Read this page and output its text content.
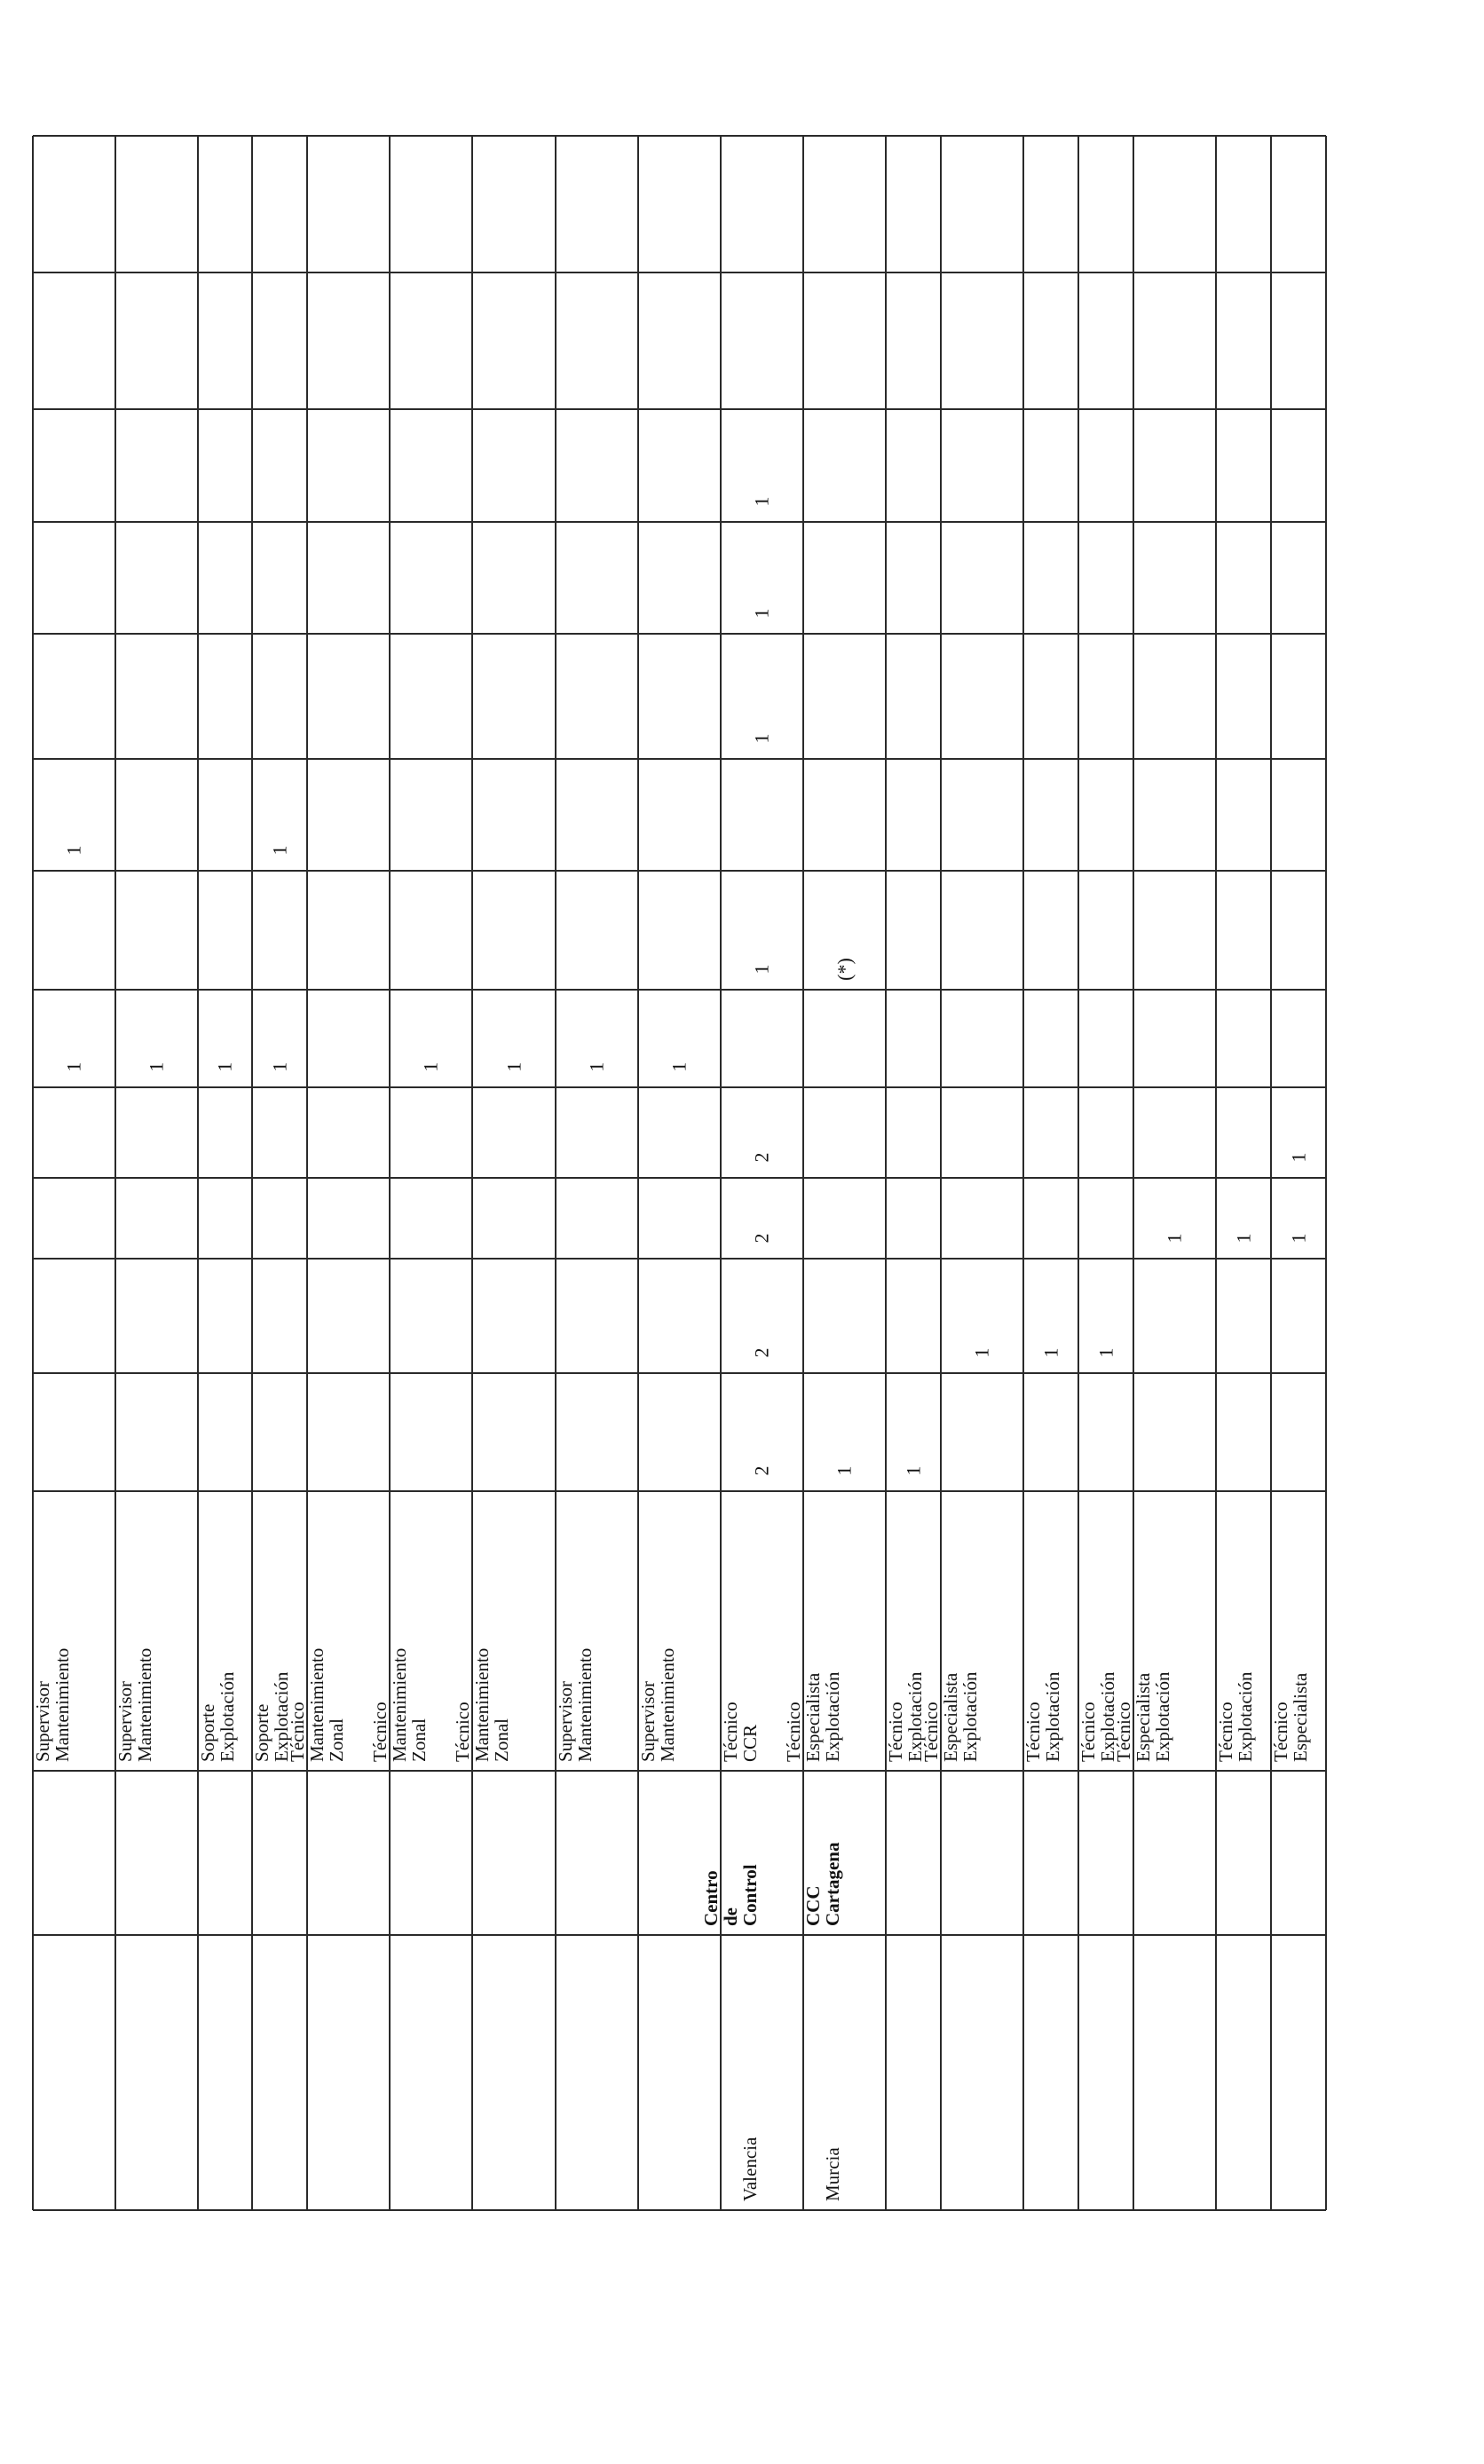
Supervisor
Mantenimiento
1
1
Supervisor
Mantenimiento
1
Soporte Explotación
1
Soporte Explotación
1
1
Técnico Mantenimiento
Zonal Técnico Mantenimiento
Zonal
1
Técnico Mantenimiento
Zonal
1
Supervisor
Mantenimiento
1
Supervisor
Mantenimiento
1
Valencia
Centro de
Control
Técnico CCR
2
2
2
2
1
1
1
1
Murcia
CCC
Cartagena
Técnico Especialista
Explotación
1
(*)
Técnico Explotación
1
Técnico Especialista
Explotación
1
Técnico Explotación
1
Técnico Explotación
1
Técnico Especialista
Explotación
1
Técnico Explotación
1
Técnico Especialista
1
1
